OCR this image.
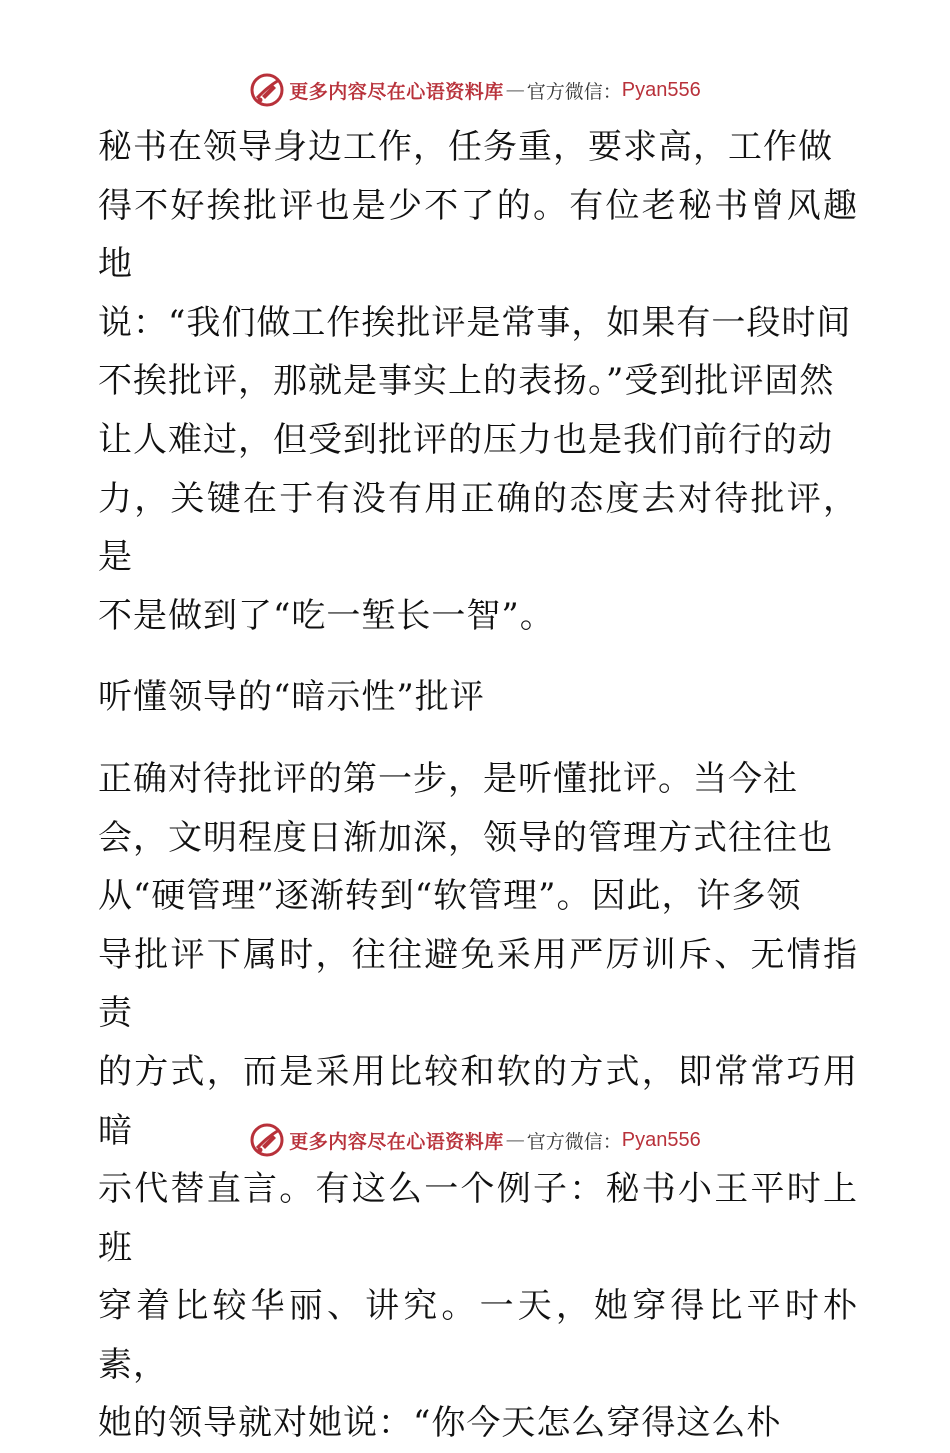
更多内容尽在心语资料库 — 官方微信： Pyan556
秘书在领导身边工作，任务重，要求高，工作做
得不好挨批评也是少不了的。有位老秘书曾风趣地
说：“我们做工作挨批评是常事，如果有一段时间
不挨批评，那就是事实上的表扬。”受到批评固然
让人难过，但受到批评的压力也是我们前行的动
力，关键在于有没有用正确的态度去对待批评，是
不是做到了“吃一堑长一智”。
听懂领导的“暗示性”批评
正确对待批评的第一步，是听懂批评。当今社
会，文明程度日渐加深，领导的管理方式往往也
从“硬管理”逐渐转到“软管理”。因此，许多领
导批评下属时，往往避免采用严厉训斥、无情指责
的方式，而是采用比较和软的方式，即常常巧用暗
示代替直言。有这么一个例子：秘书小王平时上班
穿着比较华丽、讲究。一天，她穿得比平时朴素，
她的领导就对她说：“你今天怎么穿得这么朴
更多内容尽在心语资料库 — 官方微信： Pyan556
